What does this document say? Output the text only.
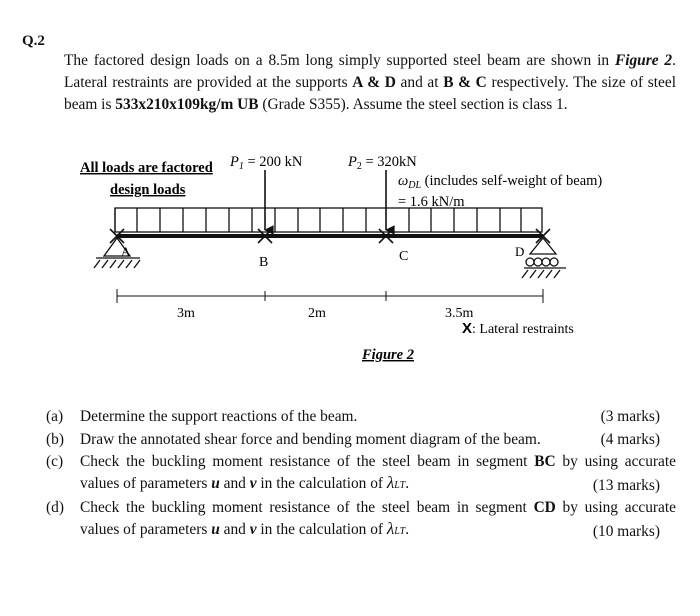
Q.2
The factored design loads on a 8.5m long simply supported steel beam are shown in Figure 2. Lateral restraints are provided at the supports A & D and at B & C respectively. The size of steel beam is 533x210x109kg/m UB (Grade S355). Assume the steel section is class 1.
All loads are factored
design loads
$P_1 = 200$ kN	$P_2 = 320kN$
$\omega_{DL}$ (includes self-weight of beam)
= 1.6 kN/m
A	D
B	C
3m	2m	3.5m
X: Lateral restraints
Figure 2
(a) Determine the support reactions of the beam.	(3 marks)
(b) Draw the annotated shear force and bending moment diagram of the beam.	(4 marks)
(c) Check the buckling moment resistance of the steel beam in segment BC by using accurate values of parameters u and v in the calculation of λLT.	(13 marks)
(d) Check the buckling moment resistance of the steel beam in segment CD by using accurate values of parameters u and v in the calculation of λLT.	(10 marks)
